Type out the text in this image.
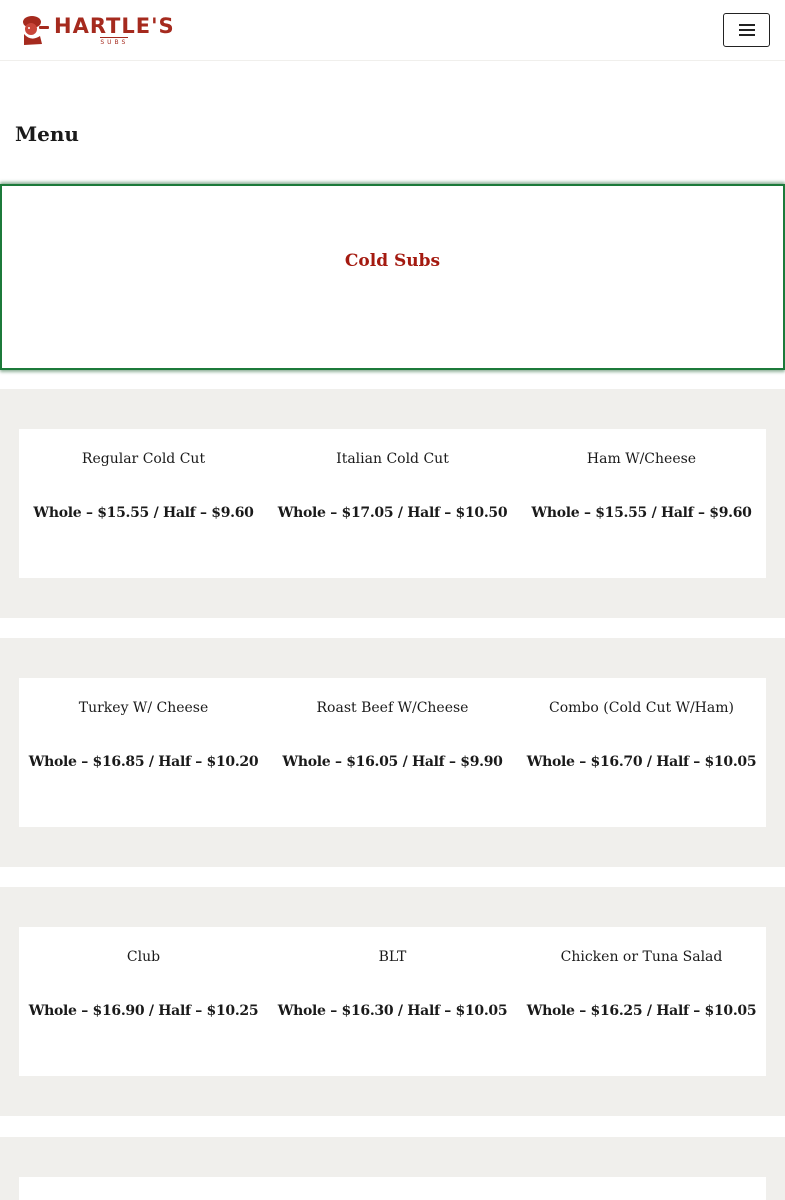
HARTLE'S
SUBS
Menu
Cold Subs
Regular Cold Cut
Whole – $15.55 / Half – $9.60
Italian Cold Cut
Whole – $17.05 / Half – $10.50
Ham W/Cheese
Whole – $15.55 / Half – $9.60
Turkey W/ Cheese
Whole – $16.85 / Half – $10.20
Roast Beef W/Cheese
Whole – $16.05 / Half – $9.90
Combo (Cold Cut W/Ham)
Whole – $16.70 / Half – $10.05
Club
Whole – $16.90 / Half – $10.25
BLT
Whole – $16.30 / Half – $10.05
Chicken or Tuna Salad
Whole – $16.25 / Half – $10.05
